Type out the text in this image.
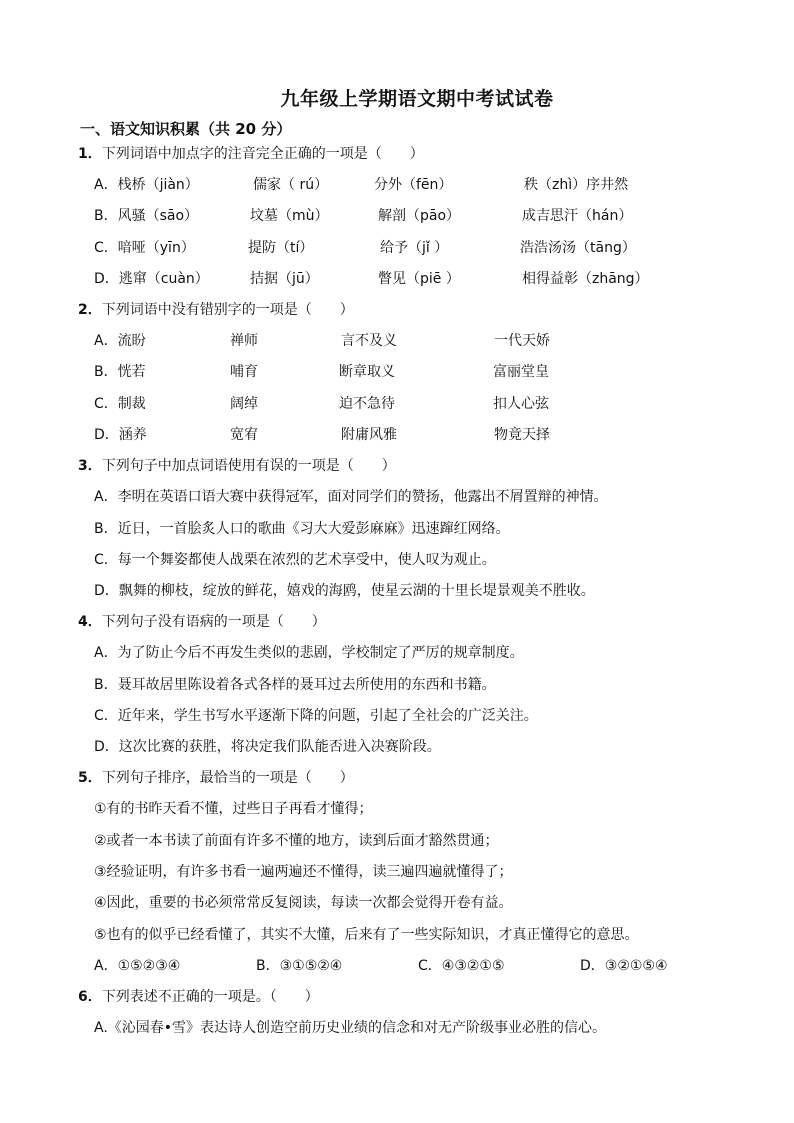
九年级上学期语文期中考试试卷
一、语文知识积累（共 20 分）
1．下列词语中加点字的注音完全正确的一项是（　　）
A．栈桥（jiàn）	儒家（ rú）	分外（fēn）	秩（zhì）序井然
B．风骚（sāo）	坟墓（mù）	解剖（pāo）	成吉思汗（hán）
C．喑哑（yīn）	提防（tí）	给予（jǐ ）	浩浩汤汤（tāng）
D．逃窜（cuàn）	拮据（jū）	瞥见（piē ）	相得益彰（zhāng）
2．下列词语中没有错别字的一项是（　　）
A．流盼	禅师	言不及义	一代天娇
B．恍若	哺育	断章取义	富丽堂皇
C．制裁	阔绰	迫不急待	扣人心弦
D．涵养	宽宥	附庸风雅	物竟天择
3．下列句子中加点词语使用有误的一项是（　　）
A．李明在英语口语大赛中获得冠军，面对同学们的赞扬，他露出不屑置辩的神情。
B．近日，一首脍炙人口的歌曲《习大大爱彭麻麻》迅速蹿红网络。
C．每一个舞姿都使人战栗在浓烈的艺术享受中，使人叹为观止。
D．飘舞的柳枝，绽放的鲜花，嬉戏的海鸥，使星云湖的十里长堤景观美不胜收。
4．下列句子没有语病的一项是（　　）
A．为了防止今后不再发生类似的悲剧，学校制定了严厉的规章制度。
B．聂耳故居里陈设着各式各样的聂耳过去所使用的东西和书籍。
C．近年来，学生书写水平逐渐下降的问题，引起了全社会的广泛关注。
D．这次比赛的获胜，将决定我们队能否进入决赛阶段。
5．下列句子排序，最恰当的一项是（　　）
①有的书昨天看不懂，过些日子再看才懂得；
②或者一本书读了前面有许多不懂的地方，读到后面才豁然贯通；
③经验证明，有许多书看一遍两遍还不懂得，读三遍四遍就懂得了；
④因此，重要的书必须常常反复阅读，每读一次都会觉得开卷有益。
⑤也有的似乎已经看懂了，其实不大懂，后来有了一些实际知识，才真正懂得它的意思。
A．①⑤②③④	B．③①⑤②④	C．④③②①⑤	D．③②①⑤④
6．下列表述不正确的一项是。（　　）
A.《沁园春•雪》表达诗人创造空前历史业绩的信念和对无产阶级事业必胜的信心。
